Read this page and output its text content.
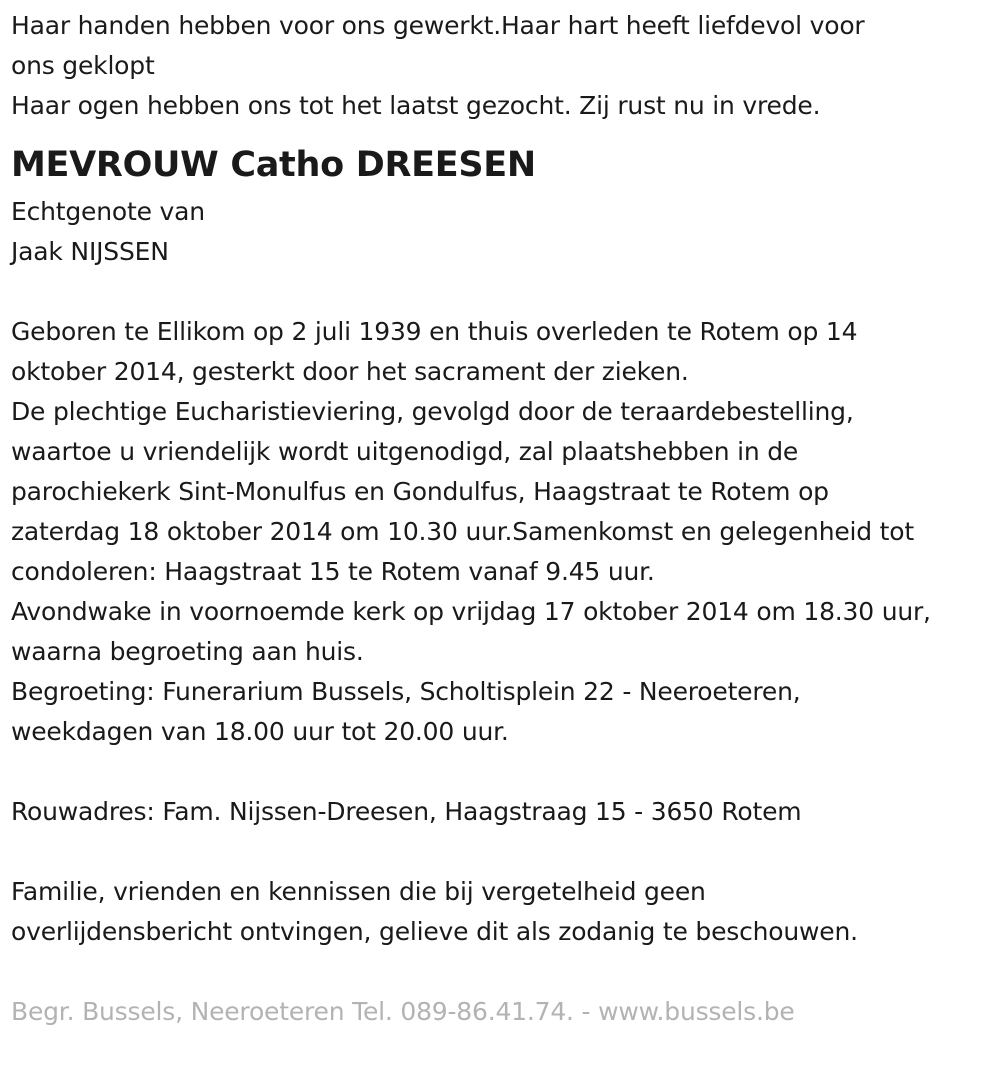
Haar handen hebben voor ons gewerkt.Haar hart heeft liefdevol voor
ons geklopt
Haar ogen hebben ons tot het laatst gezocht. Zij rust nu in vrede.
MEVROUW Catho DREESEN
Echtgenote van
Jaak NIJSSEN
Geboren te Ellikom op 2 juli 1939 en thuis overleden te Rotem op 14
oktober 2014, gesterkt door het sacrament der zieken.
De plechtige Eucharistieviering, gevolgd door de teraardebestelling,
waartoe u vriendelijk wordt uitgenodigd, zal plaatshebben in de
parochiekerk Sint-Monulfus en Gondulfus, Haagstraat te Rotem op
zaterdag 18 oktober 2014 om 10.30 uur.Samenkomst en gelegenheid tot
condoleren: Haagstraat 15 te Rotem vanaf 9.45 uur.
Avondwake in voornoemde kerk op vrijdag 17 oktober 2014 om 18.30 uur,
waarna begroeting aan huis.
Begroeting: Funerarium Bussels, Scholtisplein 22 - Neeroeteren,
weekdagen van 18.00 uur tot 20.00 uur.
Rouwadres: Fam. Nijssen-Dreesen, Haagstraag 15 - 3650 Rotem
Familie, vrienden en kennissen die bij vergetelheid geen
overlijdensbericht ontvingen, gelieve dit als zodanig te beschouwen.
Begr. Bussels, Neeroeteren Tel. 089-86.41.74. - www.bussels.be
